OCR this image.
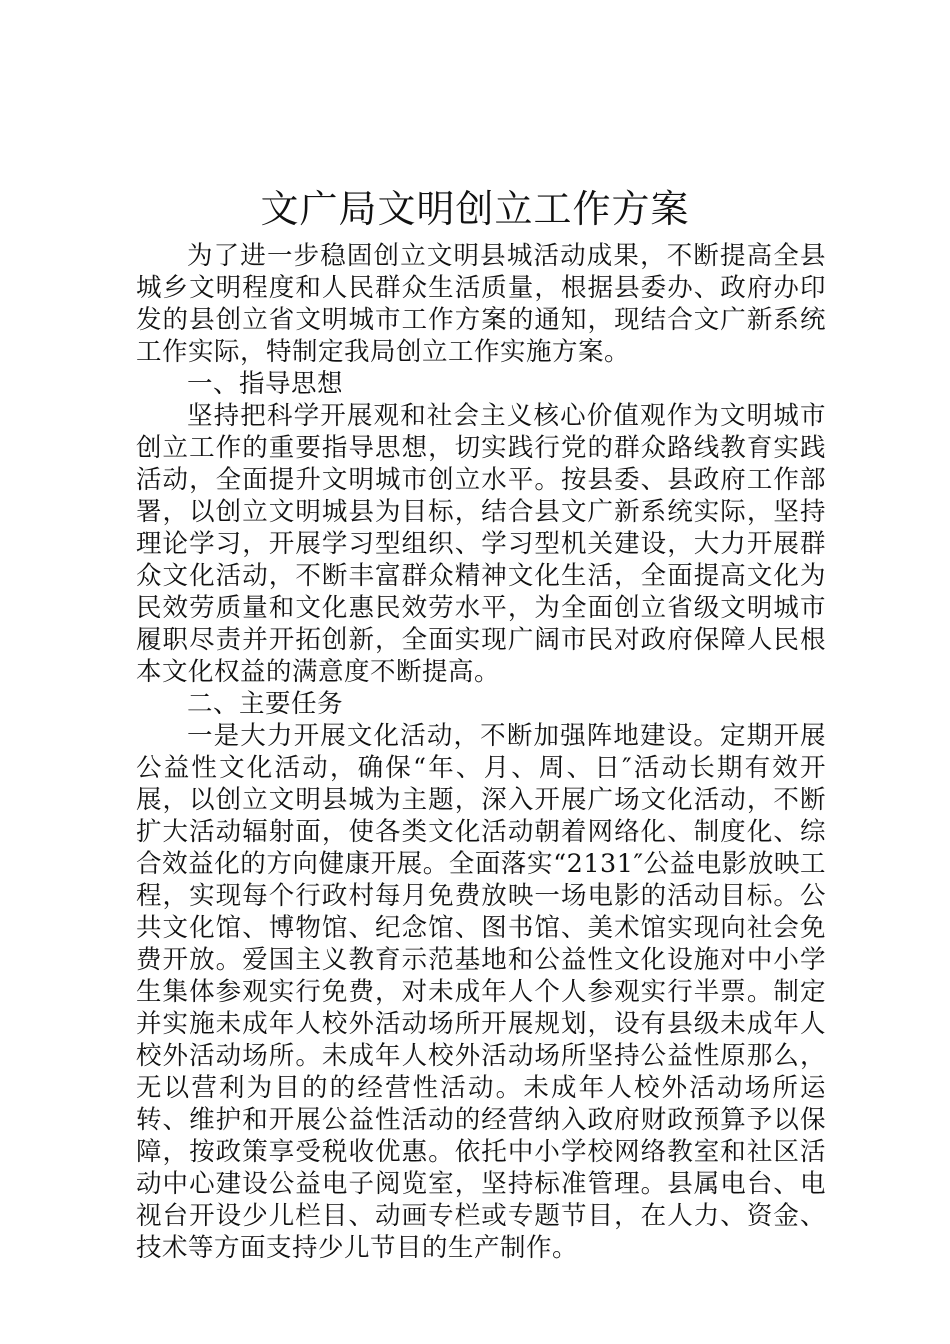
文广局文明创立工作方案

为了进一步稳固创立文明县城活动成果，不断提高全县城乡文明程度和人民群众生活质量，根据县委办、政府办印发的县创立省文明城市工作方案的通知，现结合文广新系统工作实际，特制定我局创立工作实施方案。

一、指导思想

坚持把科学开展观和社会主义核心价值观作为文明城市创立工作的重要指导思想，切实践行党的群众路线教育实践活动，全面提升文明城市创立水平。按县委、县政府工作部署，以创立文明城县为目标，结合县文广新系统实际，坚持理论学习，开展学习型组织、学习型机关建设，大力开展群众文化活动，不断丰富群众精神文化生活，全面提高文化为民效劳质量和文化惠民效劳水平，为全面创立省级文明城市履职尽责并开拓创新，全面实现广阔市民对政府保障人民根本文化权益的满意度不断提高。

二、主要任务

一是大力开展文化活动，不断加强阵地建设。定期开展公益性文化活动，确保“年、月、周、日″活动长期有效开展，以创立文明县城为主题，深入开展广场文化活动，不断扩大活动辐射面，使各类文化活动朝着网络化、制度化、综合效益化的方向健康开展。全面落实“2131″公益电影放映工程，实现每个行政村每月免费放映一场电影的活动目标。公共文化馆、博物馆、纪念馆、图书馆、美术馆实现向社会免费开放。爱国主义教育示范基地和公益性文化设施对中小学生集体参观实行免费，对未成年人个人参观实行半票。制定并实施未成年人校外活动场所开展规划，设有县级未成年人校外活动场所。未成年人校外活动场所坚持公益性原那么，无以营利为目的的经营性活动。未成年人校外活动场所运转、维护和开展公益性活动的经营纳入政府财政预算予以保障，按政策享受税收优惠。依托中小学校网络教室和社区活动中心建设公益电子阅览室，坚持标准管理。县属电台、电视台开设少儿栏目、动画专栏或专题节目，在人力、资金、技术等方面支持少儿节目的生产制作。
